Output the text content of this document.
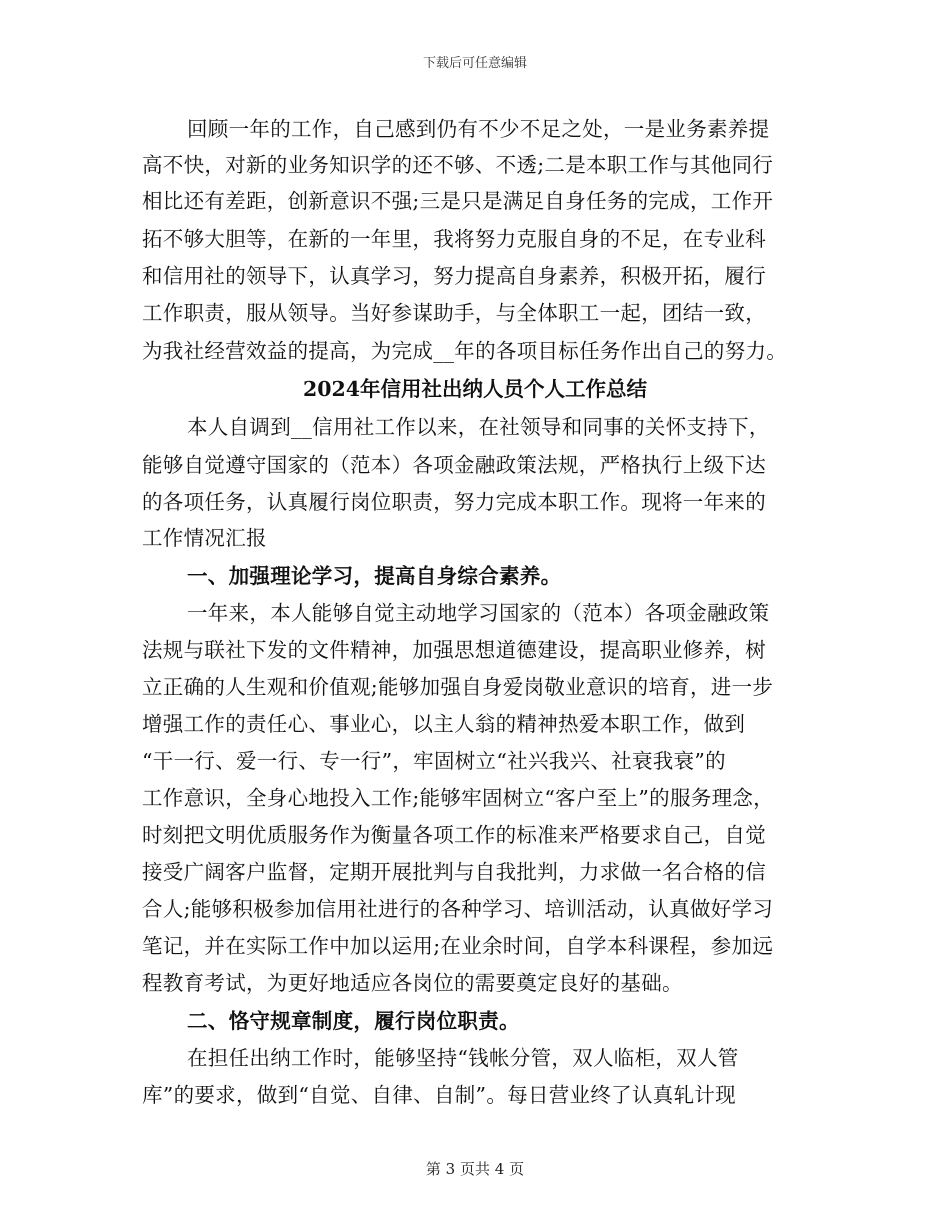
下载后可任意编辑
回顾一年的工作，自己感到仍有不少不足之处，一是业务素养提
高不快，对新的业务知识学的还不够、不透;二是本职工作与其他同行
相比还有差距，创新意识不强;三是只是满足自身任务的完成，工作开
拓不够大胆等，在新的一年里，我将努力克服自身的不足，在专业科
和信用社的领导下，认真学习，努力提高自身素养，积极开拓，履行
工作职责，服从领导。当好参谋助手，与全体职工一起，团结一致，
为我社经营效益的提高，为完成__年的各项目标任务作出自己的努力。
2024年信用社出纳人员个人工作总结
本人自调到__信用社工作以来，在社领导和同事的关怀支持下，
能够自觉遵守国家的（范本）各项金融政策法规，严格执行上级下达
的各项任务，认真履行岗位职责，努力完成本职工作。现将一年来的
工作情况汇报
一、加强理论学习，提高自身综合素养。
一年来，本人能够自觉主动地学习国家的（范本）各项金融政策
法规与联社下发的文件精神，加强思想道德建设，提高职业修养，树
立正确的人生观和价值观;能够加强自身爱岗敬业意识的培育，进一步
增强工作的责任心、事业心，以主人翁的精神热爱本职工作，做到
“干一行、爱一行、专一行”，牢固树立“社兴我兴、社衰我衰”的
工作意识，全身心地投入工作;能够牢固树立“客户至上”的服务理念，
时刻把文明优质服务作为衡量各项工作的标准来严格要求自己，自觉
接受广阔客户监督，定期开展批判与自我批判，力求做一名合格的信
合人;能够积极参加信用社进行的各种学习、培训活动，认真做好学习
笔记，并在实际工作中加以运用;在业余时间，自学本科课程，参加远
程教育考试，为更好地适应各岗位的需要奠定良好的基础。
二、恪守规章制度，履行岗位职责。
在担任出纳工作时，能够坚持“钱帐分管，双人临柜，双人管
库”的要求，做到“自觉、自律、自制”。每日营业终了认真轧计现
第 3 页共 4 页
